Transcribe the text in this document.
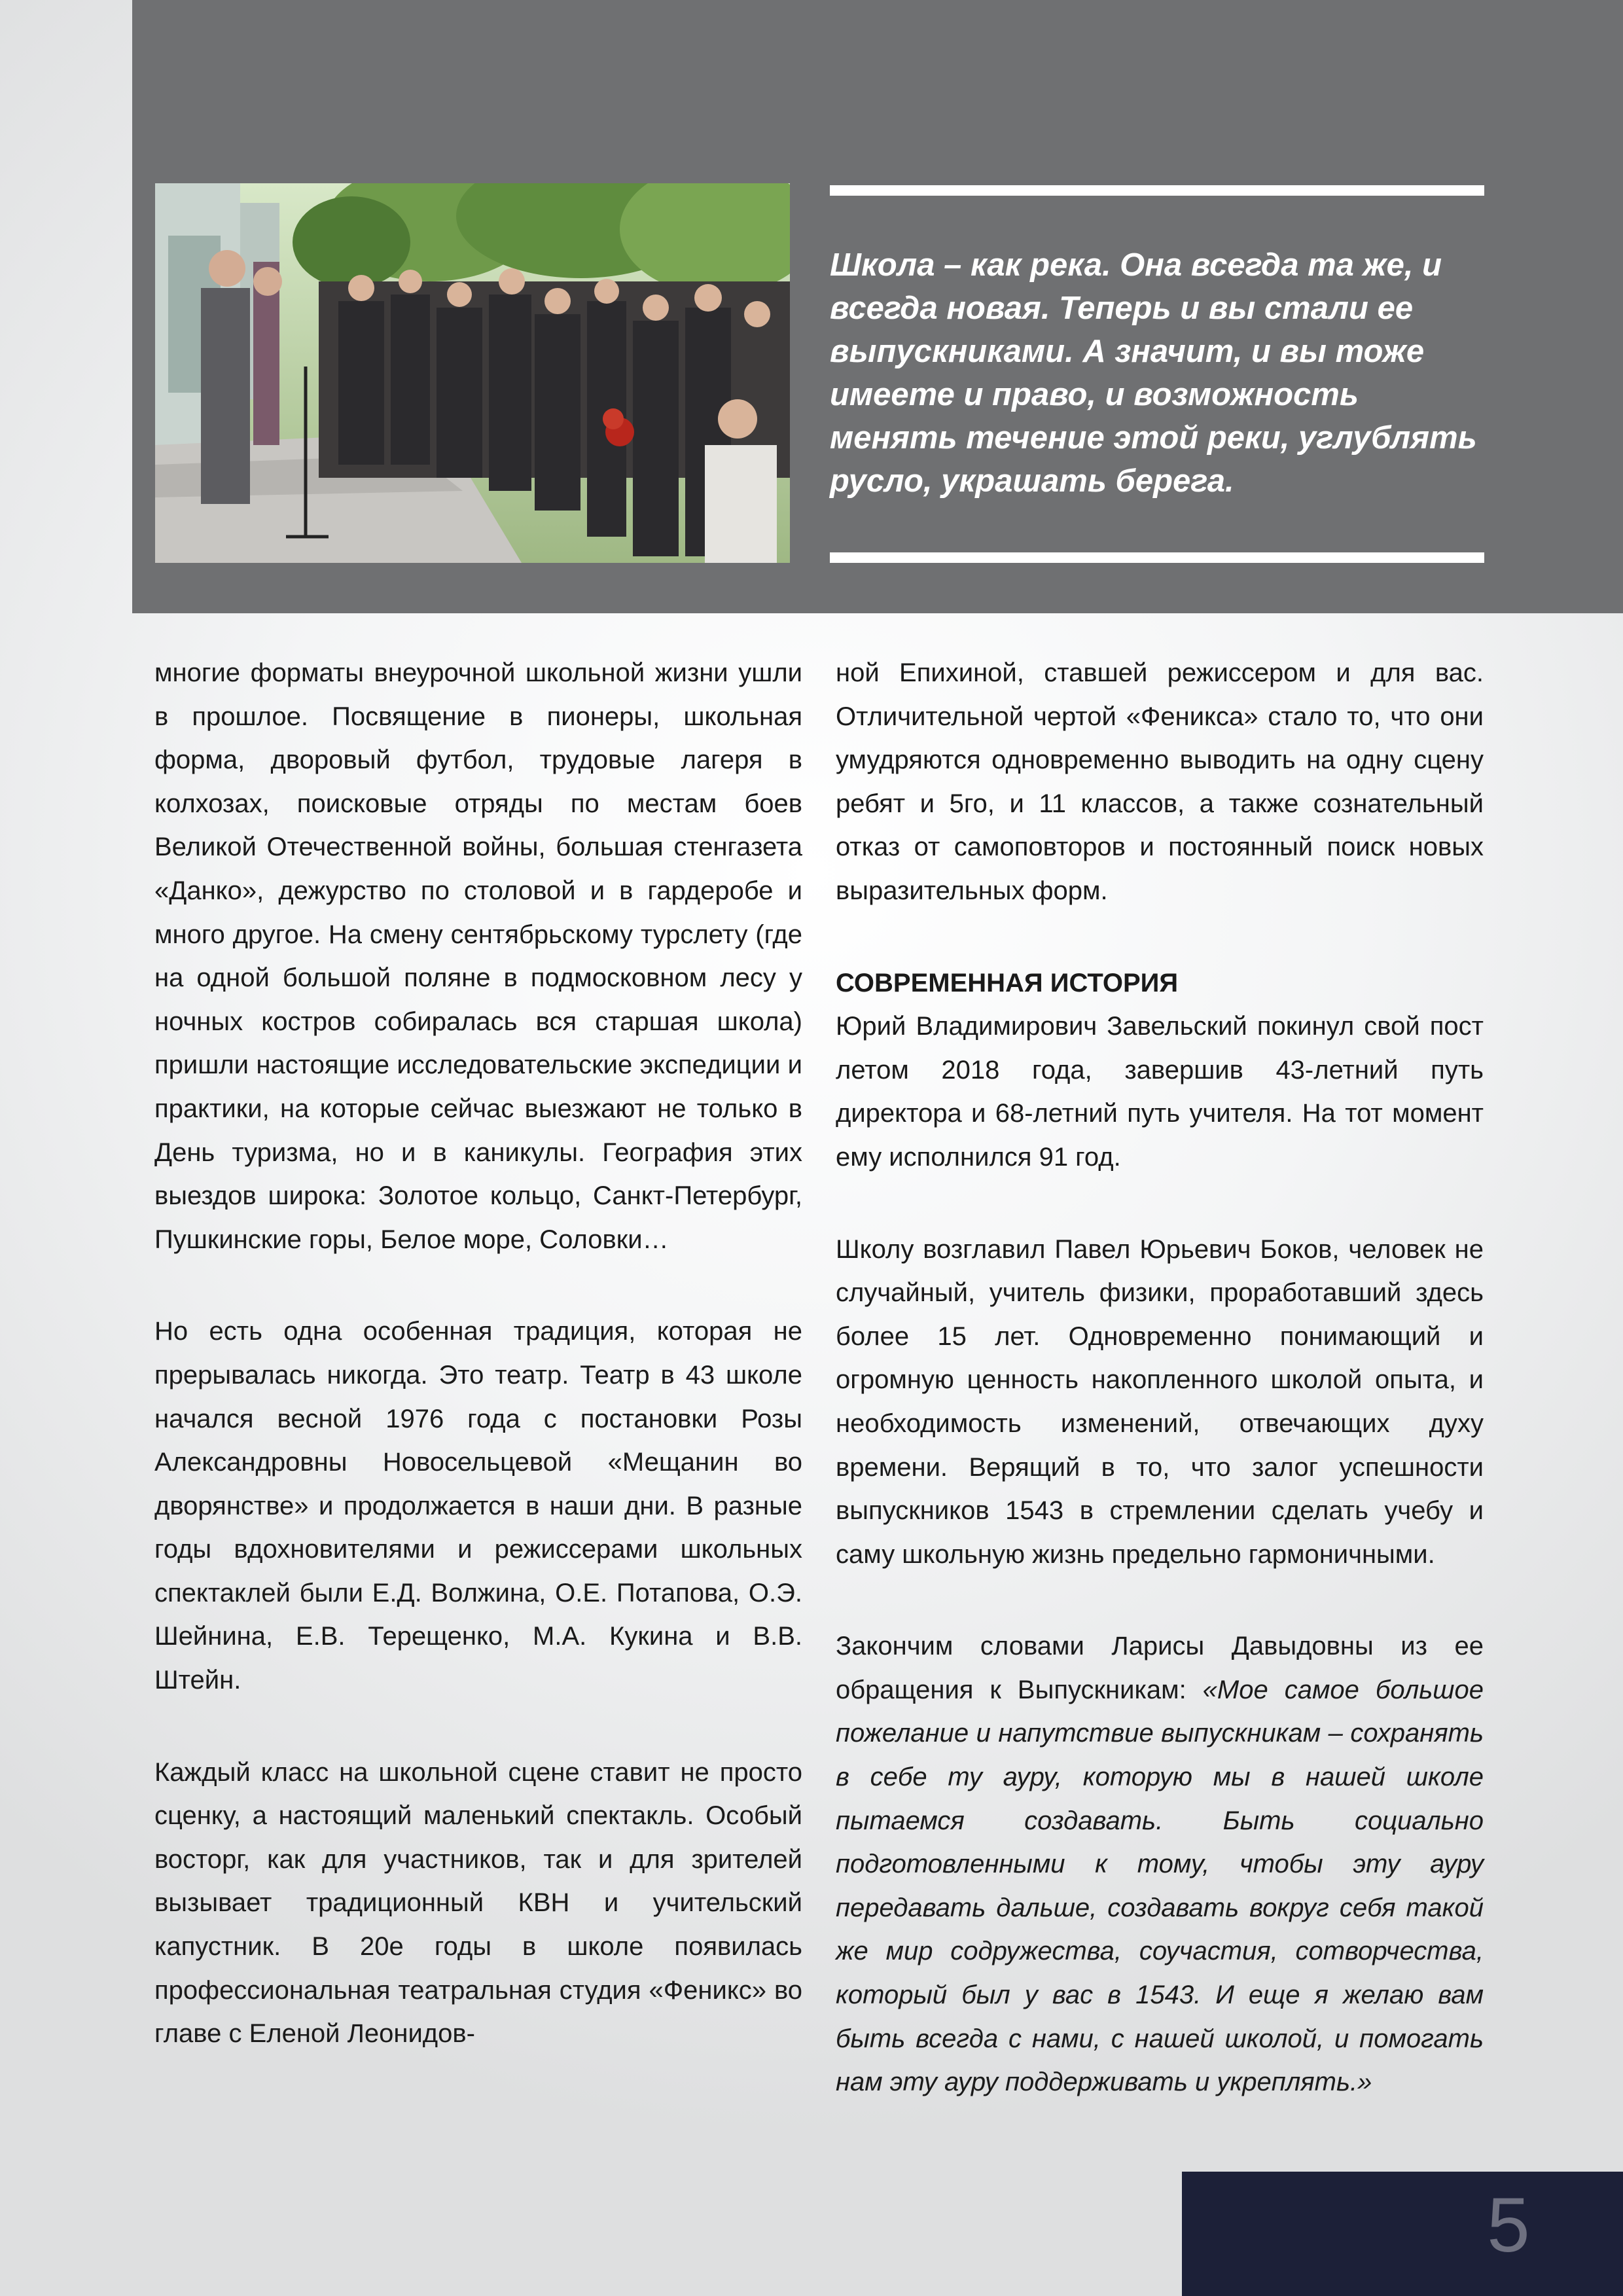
Школа – как река. Она всегда та же, и всегда новая. Теперь и вы стали ее выпускниками. А значит, и вы тоже имеете и право, и возможность менять течение этой реки, углублять русло, украшать берега.

многие форматы внеурочной школьной жизни ушли в прошлое. Посвящение в пионеры, школьная форма, дворовый футбол, трудовые лагеря в колхозах, поисковые отряды по местам боев Великой Отечественной войны, большая стенгазета «Данко», дежурство по столовой и в гардеробе и много другое. На смену сентябрьскому турслету (где на одной большой поляне в подмосковном лесу у ночных костров собиралась вся старшая школа) пришли настоящие исследовательские экспедиции и практики, на которые сейчас выезжают не только в День туризма, но и в каникулы. География этих выездов широка: Золотое кольцо, Санкт-Петербург, Пушкинские горы, Белое море, Соловки…

Но есть одна особенная традиция, которая не прерывалась никогда. Это театр. Театр в 43 школе начался весной 1976 года с постановки Розы Александровны Новосельцевой «Мещанин во дворянстве» и продолжается в наши дни. В разные годы вдохновителями и режиссерами школьных спектаклей были Е.Д. Волжина, О.Е. Потапова, О.Э. Шейнина, Е.В. Терещенко, М.А. Кукина и В.В. Штейн.

Каждый класс на школьной сцене ставит не просто сценку, а настоящий маленький спектакль. Особый восторг, как для участников, так и для зрителей вызывает традиционный КВН и учительский капустник. В 20е годы в школе появилась профессиональная театральная студия «Феникс» во главе с Еленой Леонидов-

ной Епихиной, ставшей режиссером и для вас. Отличительной чертой «Феникса» стало то, что они умудряются одновременно выводить на одну сцену ребят и 5го, и 11 классов, а также сознательный отказ от самоповторов и постоянный поиск новых выразительных форм.

СОВРЕМЕННАЯ ИСТОРИЯ

Юрий Владимирович Завельский покинул свой пост летом 2018 года, завершив 43-летний путь директора и 68-летний путь учителя. На тот момент ему исполнился 91 год.

Школу возглавил Павел Юрьевич Боков, человек не случайный, учитель физики, проработавший здесь более 15 лет. Одновременно понимающий и огромную ценность накопленного школой опыта, и необходимость изменений, отвечающих духу времени. Верящий в то, что залог успешности выпускников 1543 в стремлении сделать учебу и саму школьную жизнь предельно гармоничными.

Закончим словами Ларисы Давыдовны из ее обращения к Выпускникам: «Мое самое большое пожелание и напутствие выпускникам – сохранять в себе ту ауру, которую мы в нашей школе пытаемся создавать. Быть социально подготовленными к тому, чтобы эту ауру передавать дальше, создавать вокруг себя такой же мир содружества, соучастия, сотворчества, который был у вас в 1543. И еще я желаю вам быть всегда с нами, с нашей школой, и помогать нам эту ауру поддерживать и укреплять.»

5
